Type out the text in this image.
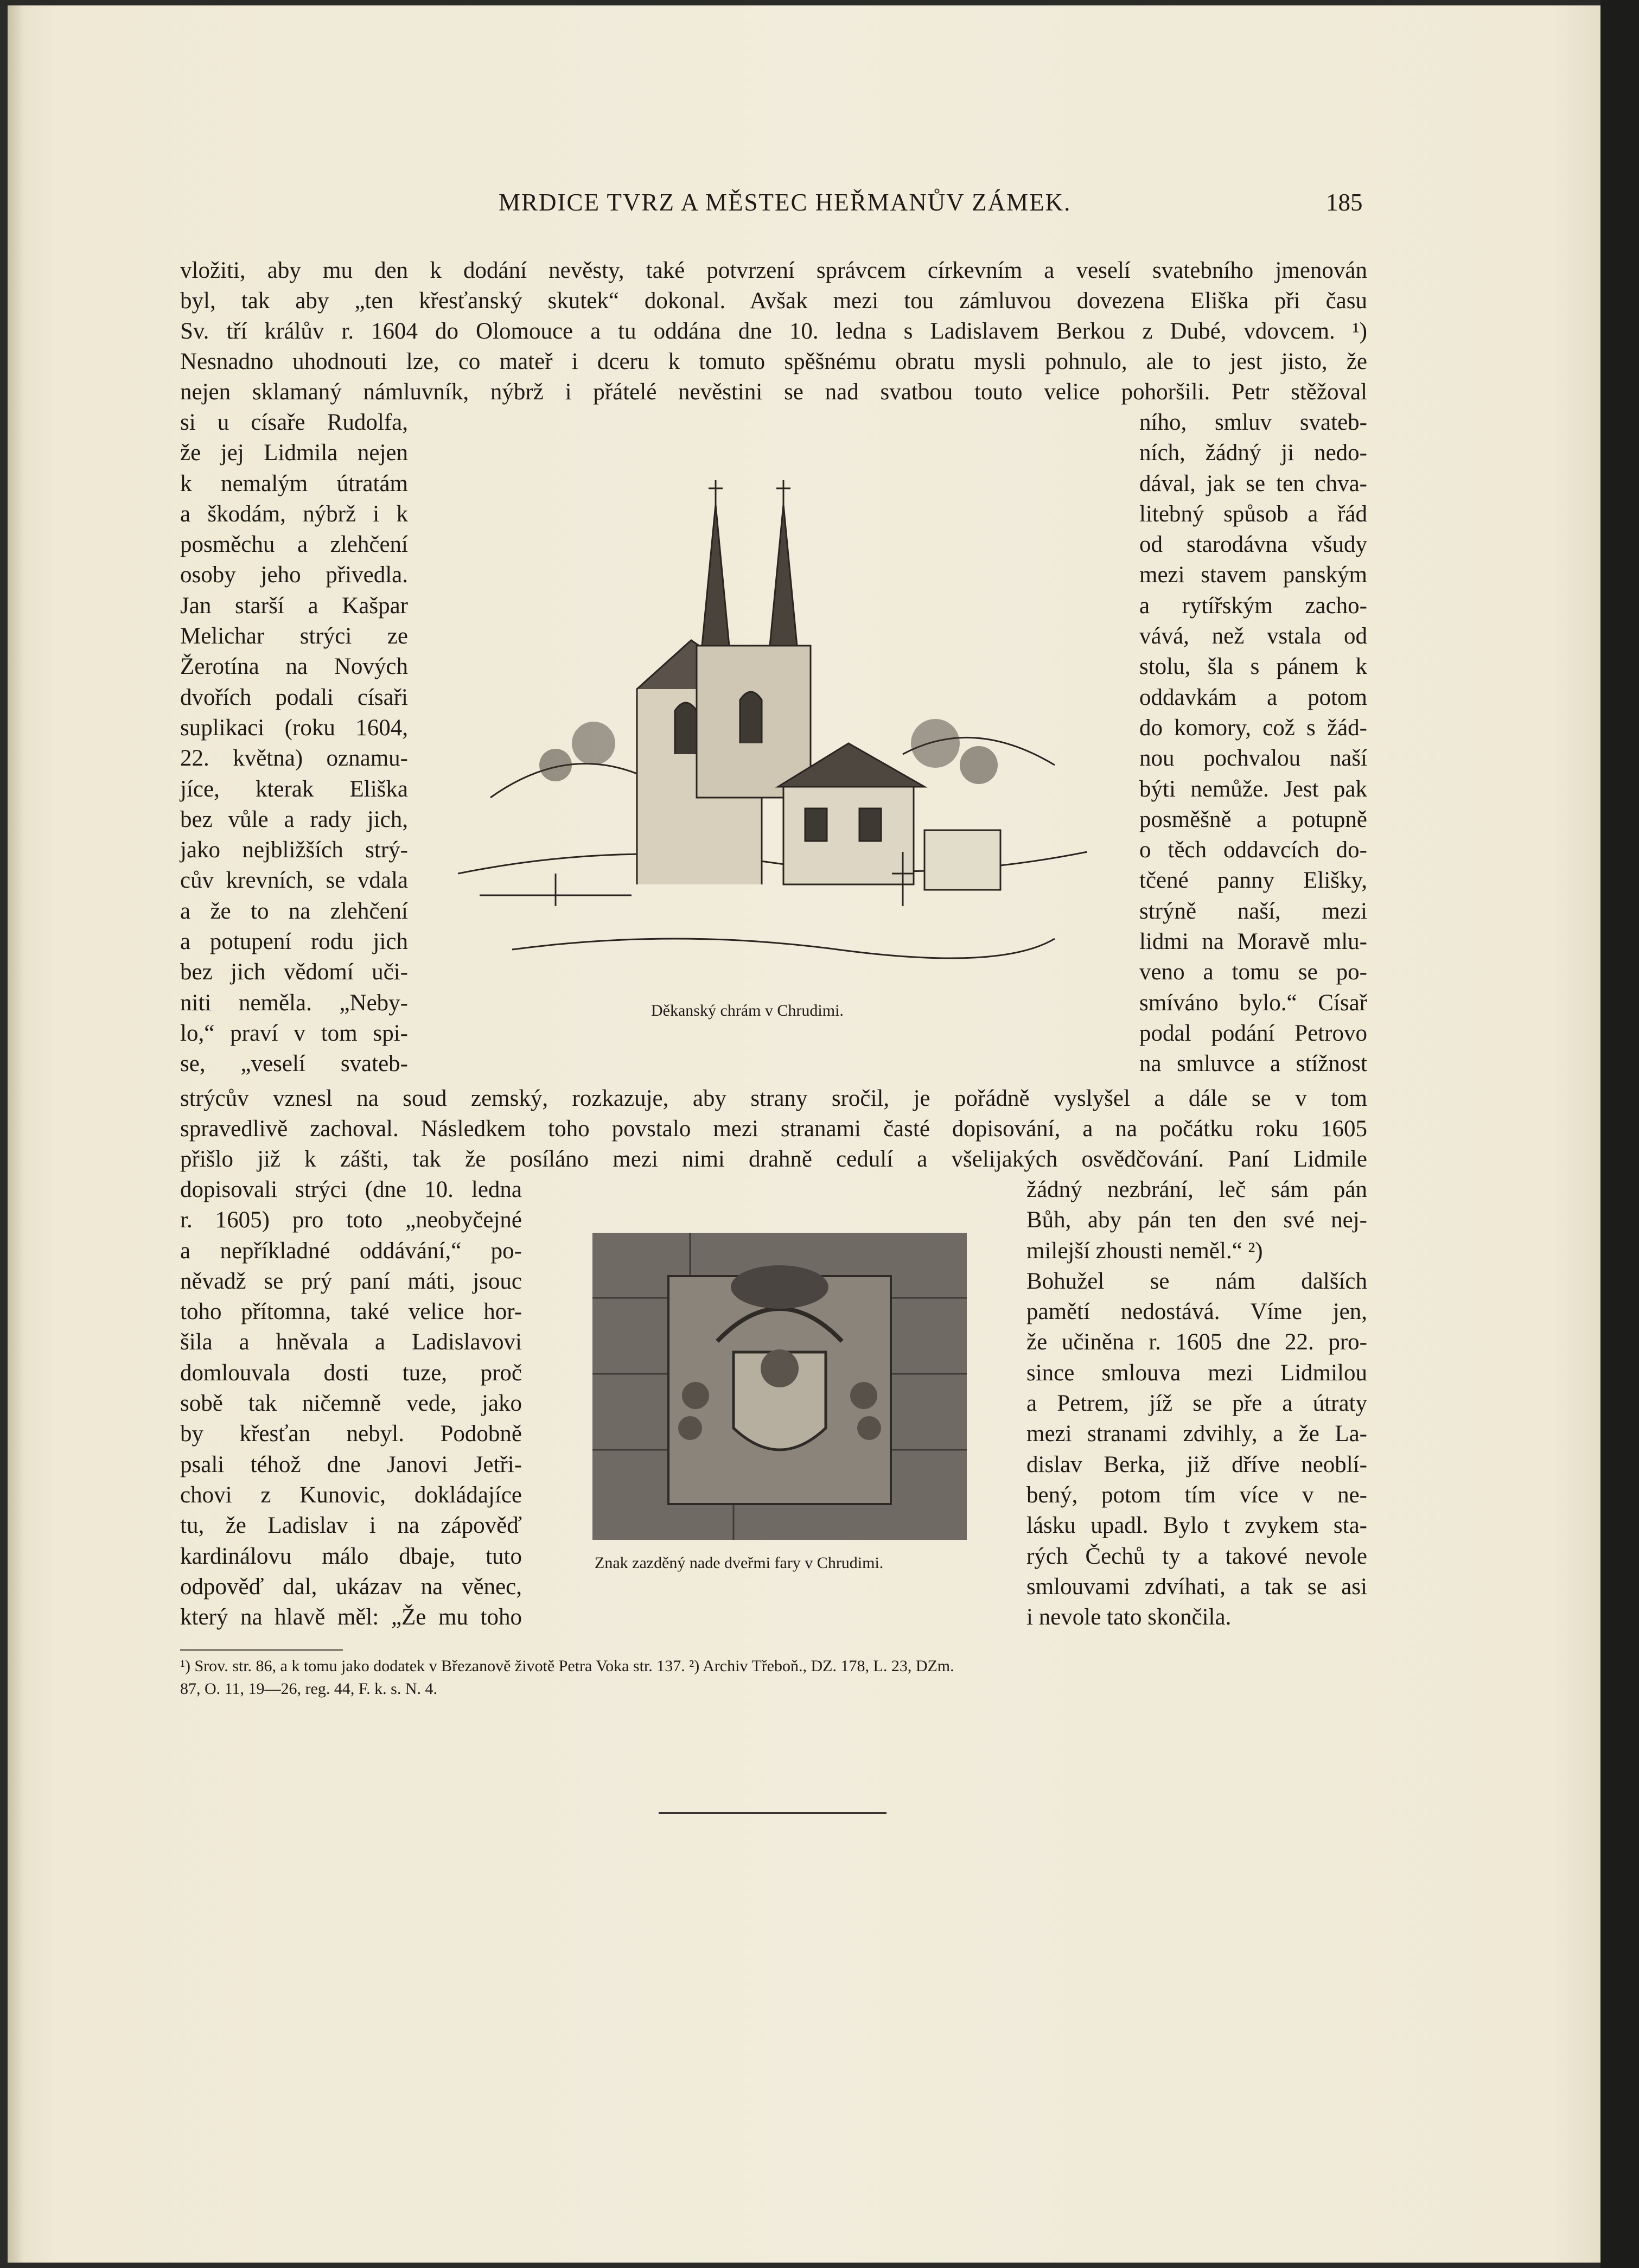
MRDICE TVRZ A MĚSTEC HEŘMANŮV ZÁMEK.	185
vložiti, aby mu den k dodání nevěsty, také potvrzení správcem církevním a veselí svatebního jmenován
byl, tak aby „ten křesťanský skutek“ dokonal. Avšak mezi tou zámluvou dovezena Eliška při času
Sv. tří králův r. 1604 do Olomouce a tu oddána dne 10. ledna s Ladislavem Berkou z Dubé, vdovcem. ¹)
Nesnadno uhodnouti lze, co mateř i dceru k tomuto spěšnému obratu mysli pohnulo, ale to jest jisto, že
nejen sklamaný námluvník, nýbrž i přátelé nevěstini se nad svatbou touto velice pohoršili. Petr stěžoval
si u císaře Rudolfa,
že jej Lidmila nejen
k nemalým útratám
a škodám, nýbrž i k
posměchu a zlehčení
osoby jeho přivedla.
Jan starší a Kašpar
Melichar strýci ze
Žerotína na Nových
dvořích podali císaři
suplikaci (roku 1604,
22. května) oznamu-
jíce, kterak Eliška
bez vůle a rady jich,
jako nejbližších strý-
cův krevních, se vdala
a že to na zlehčení
a potupení rodu jich
bez jich vědomí uči-
niti neměla. „Neby-
lo,“ praví v tom spi-
se, „veselí svateb-
ního, smluv svateb-
ních, žádný ji nedo-
dával, jak se ten chva-
litebný spůsob a řád
od starodávna všudy
mezi stavem panským
a rytířským zacho-
vává, než vstala od
stolu, šla s pánem k
oddavkám a potom
do komory, což s žád-
nou pochvalou naší
býti nemůže. Jest pak
posměšně a potupně
o těch oddavcích do-
tčené panny Elišky,
strýně naší, mezi
lidmi na Moravě mlu-
veno a tomu se po-
smíváno bylo.“ Císař
podal podání Petrovo
na smluvce a stížnost
Děkanský chrám v Chrudimi.
strýcův vznesl na soud zemský, rozkazuje, aby strany sročil, je pořádně vyslyšel a dále se v tom
spravedlivě zachoval. Následkem toho povstalo mezi stranami časté dopisování, a na počátku roku 1605
přišlo již k zášti, tak že posíláno mezi nimi drahně cedulí a všelijakých osvědčování. Paní Lidmile
dopisovali strýci (dne 10. ledna
r. 1605) pro toto „neobyčejné
a nepříkladné oddávání,“ po-
něvadž se prý paní máti, jsouc
toho přítomna, také velice hor-
šila a hněvala a Ladislavovi
domlouvala dosti tuze, proč
sobě tak ničemně vede, jako
by křesťan nebyl. Podobně
psali téhož dne Janovi Jetři-
chovi z Kunovic, dokládajíce
tu, že Ladislav i na zápověď
kardinálovu málo dbaje, tuto
odpověď dal, ukázav na věnec,
který na hlavě měl: „Že mu toho
žádný nezbrání, leč sám pán
Bůh, aby pán ten den své nej-
milejší zhousti neměl.“ ²)
Bohužel se nám dalších
pamětí nedostává. Víme jen,
že učiněna r. 1605 dne 22. pro-
since smlouva mezi Lidmilou
a Petrem, jíž se pře a útraty
mezi stranami zdvihly, a že La-
dislav Berka, již dříve neoblí-
bený, potom tím více v ne-
lásku upadl. Bylo t zvykem sta-
rých Čechů ty a takové nevole
smlouvami zdvíhati, a tak se asi
i nevole tato skončila.
Znak zazděný nade dveřmi fary v Chrudimi.
¹) Srov. str. 86, a k tomu jako dodatek v Březanově životě Petra Voka str. 137. ²) Archiv Třeboň., DZ. 178, L. 23, DZm.
87, O. 11, 19—26, reg. 44, F. k. s. N. 4.
